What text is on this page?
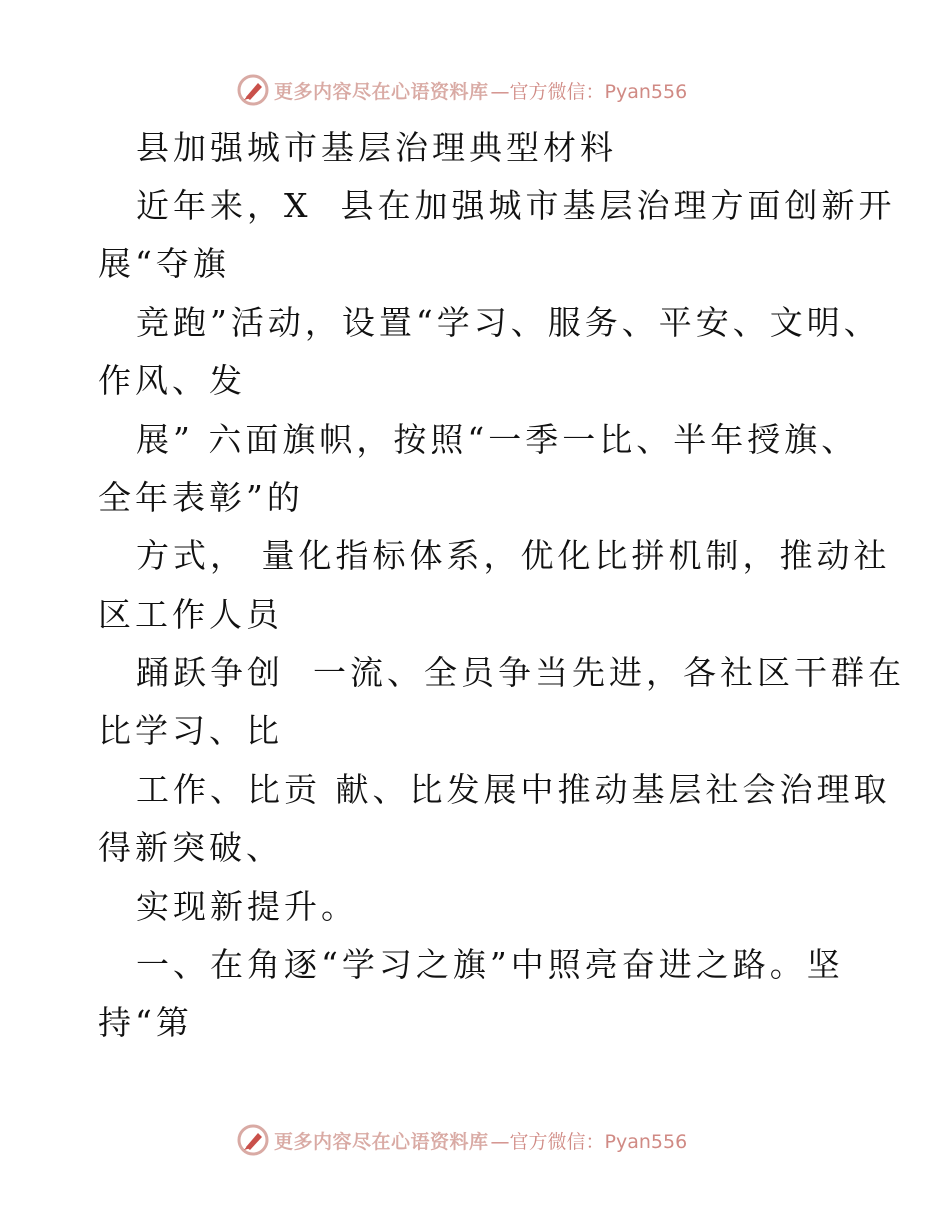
更多内容尽在心语资料库 —官方微信：Pyan556
县加强城市基层治理典型材料
近年来，X  县在加强城市基层治理方面创新开
展“夺旗
竞跑”活动，设置“学习、服务、平安、文明、
作风、发
展” 六面旗帜，按照“一季一比、半年授旗、
全年表彰”的
方式， 量化指标体系，优化比拼机制，推动社
区工作人员
踊跃争创  一流、全员争当先进，各社区干群在
比学习、比
工作、比贡 献、比发展中推动基层社会治理取
得新突破、
实现新提升。
一、在角逐“学习之旗”中照亮奋进之路。坚
持“第
更多内容尽在心语资料库 —官方微信：Pyan556
